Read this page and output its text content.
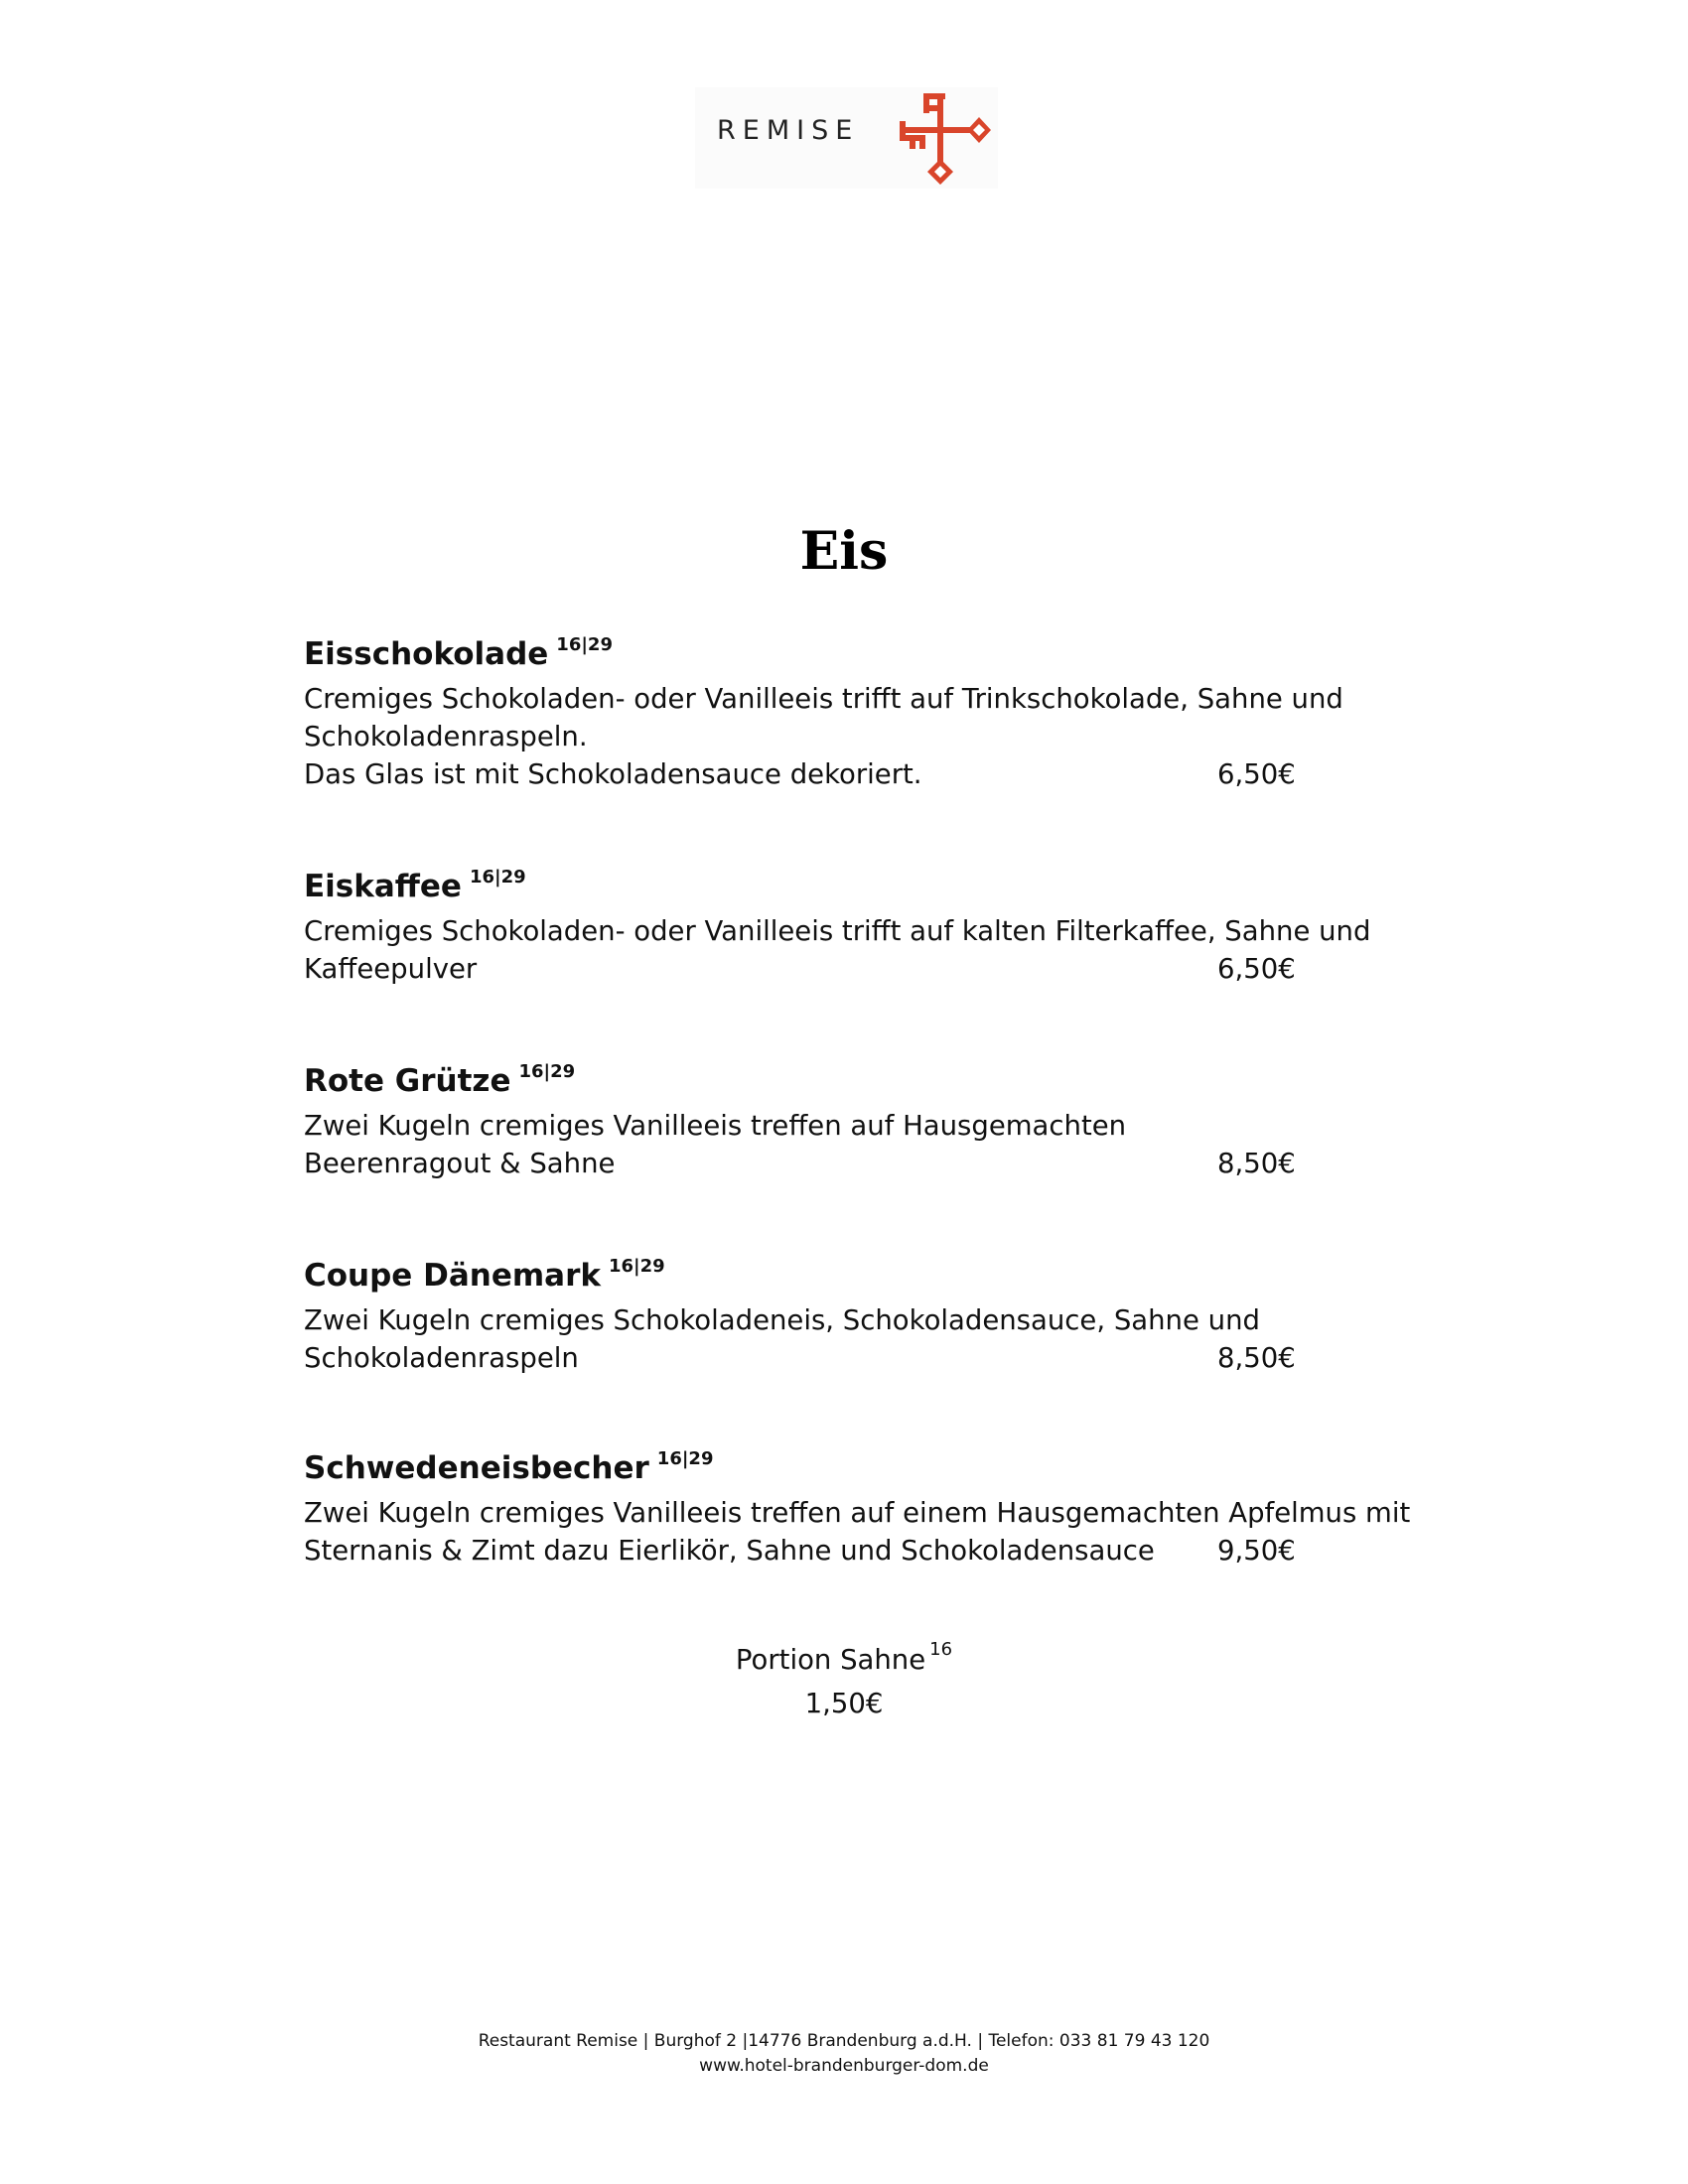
REMISE
Eis
Eisschokolade $^{16|29}$
Cremiges Schokoladen- oder Vanilleeis trifft auf Trinkschokolade, Sahne und
Schokoladenraspeln.
Das Glas ist mit Schokoladensauce dekoriert.	6,50€
Eiskaffee $^{16|29}$
Cremiges Schokoladen- oder Vanilleeis trifft auf kalten Filterkaffee, Sahne und
Kaffeepulver	6,50€
Rote Grütze $^{16|29}$
Zwei Kugeln cremiges Vanilleeis treffen auf Hausgemachten
Beerenragout & Sahne	8,50€
Coupe Dänemark $^{16|29}$
Zwei Kugeln cremiges Schokoladeneis, Schokoladensauce, Sahne und
Schokoladenraspeln	8,50€
Schwedeneisbecher $^{16|29}$
Zwei Kugeln cremiges Vanilleeis treffen auf einem Hausgemachten Apfelmus mit
Sternanis & Zimt dazu Eierlikör, Sahne und Schokoladensauce 9,50€
Portion Sahne $^{16}$
1,50€
Restaurant Remise | Burghof 2 |14776 Brandenburg a.d.H. | Telefon: 033 81 79 43 120
www.hotel-brandenburger-dom.de
